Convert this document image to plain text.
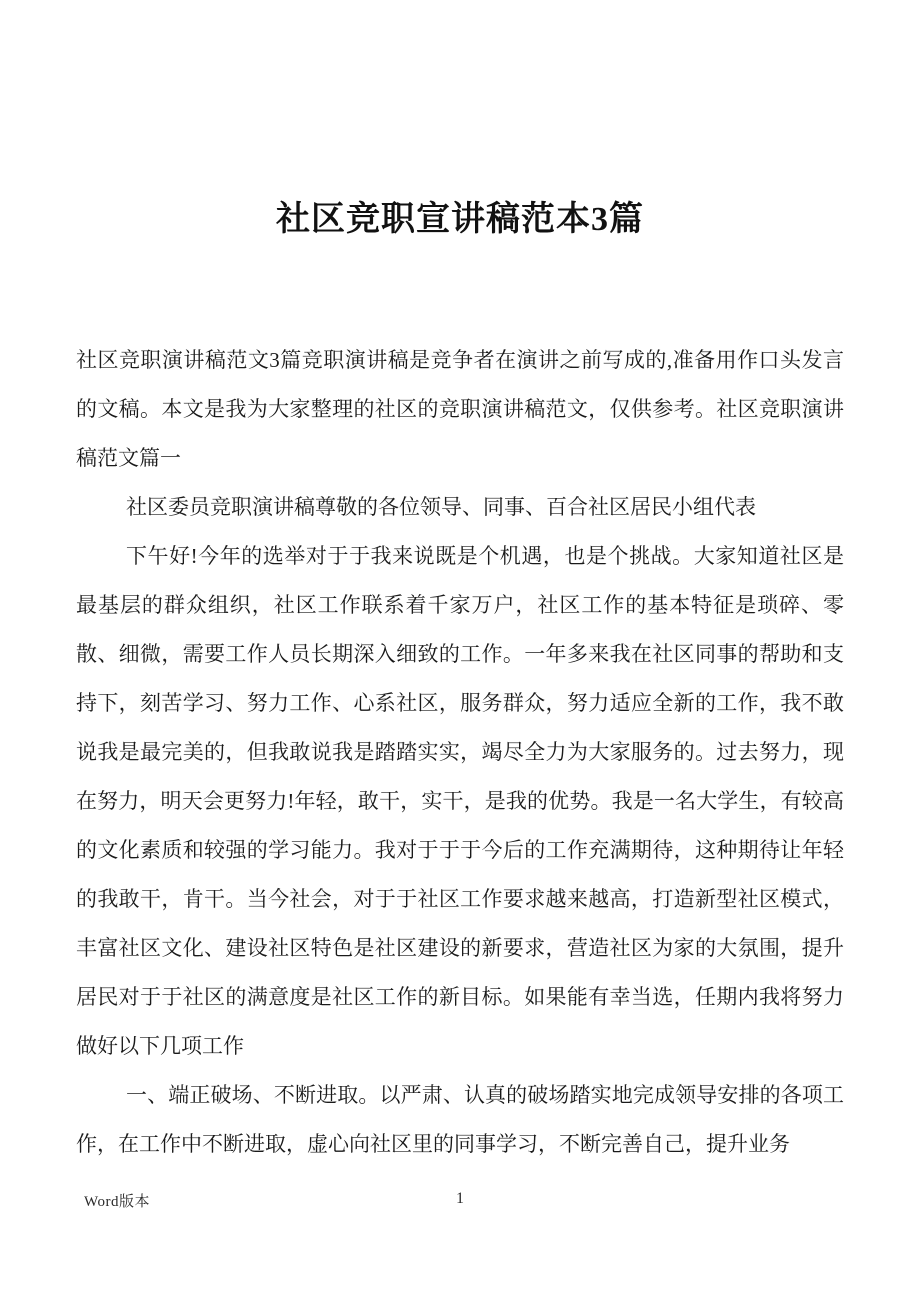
社区竞职宣讲稿范本3篇

社区竞职演讲稿范文3篇竞职演讲稿是竞争者在演讲之前写成的,准备用作口头发言的文稿。本文是我为大家整理的社区的竞职演讲稿范文，仅供参考。社区竞职演讲稿范文篇一

社区委员竞职演讲稿尊敬的各位领导、同事、百合社区居民小组代表

下午好!今年的选举对于于我来说既是个机遇，也是个挑战。大家知道社区是最基层的群众组织，社区工作联系着千家万户，社区工作的基本特征是琐碎、零散、细微，需要工作人员长期深入细致的工作。一年多来我在社区同事的帮助和支持下，刻苦学习、努力工作、心系社区，服务群众，努力适应全新的工作，我不敢说我是最完美的，但我敢说我是踏踏实实，竭尽全力为大家服务的。过去努力，现在努力，明天会更努力!年轻，敢干，实干，是我的优势。我是一名大学生，有较高的文化素质和较强的学习能力。我对于于于今后的工作充满期待，这种期待让年轻的我敢干，肯干。当今社会，对于于社区工作要求越来越高，打造新型社区模式，丰富社区文化、建设社区特色是社区建设的新要求，营造社区为家的大氛围，提升居民对于于社区的满意度是社区工作的新目标。如果能有幸当选，任期内我将努力做好以下几项工作

一、端正破场、不断进取。以严肃、认真的破场踏实地完成领导安排的各项工作，在工作中不断进取，虚心向社区里的同事学习，不断完善自己，提升业务

Word版本	1
